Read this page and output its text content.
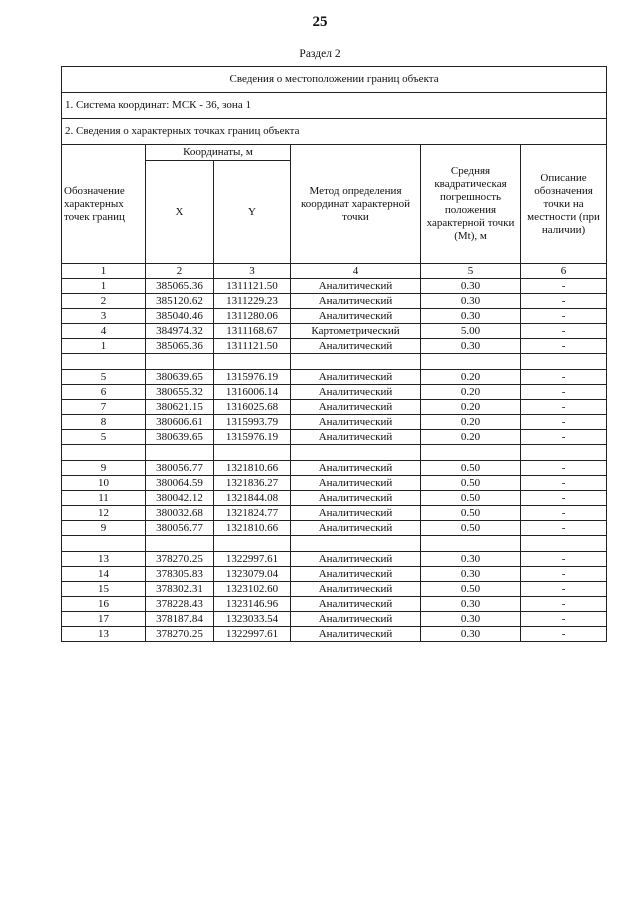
25
Раздел 2
Сведения о местоположении границ объекта					
1. Система координат: МСК - 36, зона 1					
2. Сведения о характерных точках границ объекта					
Обозначение характерных точек границ	Координаты, м		Метод определения координат характерной точки	Средняя квадратическая погрешность положения характерной точки (Mt), м	Описание обозначения точки на местности (при наличии)
	X	Y			
1	2	3	4	5	6
1	385065.36	1311121.50	Аналитический	0.30	-
2	385120.62	1311229.23	Аналитический	0.30	-
3	385040.46	1311280.06	Аналитический	0.30	-
4	384974.32	1311168.67	Картометрический	5.00	-
1	385065.36	1311121.50	Аналитический	0.30	-

5	380639.65	1315976.19	Аналитический	0.20	-
6	380655.32	1316006.14	Аналитический	0.20	-
7	380621.15	1316025.68	Аналитический	0.20	-
8	380606.61	1315993.79	Аналитический	0.20	-
5	380639.65	1315976.19	Аналитический	0.20	-

9	380056.77	1321810.66	Аналитический	0.50	-
10	380064.59	1321836.27	Аналитический	0.50	-
11	380042.12	1321844.08	Аналитический	0.50	-
12	380032.68	1321824.77	Аналитический	0.50	-
9	380056.77	1321810.66	Аналитический	0.50	-

13	378270.25	1322997.61	Аналитический	0.30	-
14	378305.83	1323079.04	Аналитический	0.30	-
15	378302.31	1323102.60	Аналитический	0.50	-
16	378228.43	1323146.96	Аналитический	0.30	-
17	378187.84	1323033.54	Аналитический	0.30	-
13	378270.25	1322997.61	Аналитический	0.30	-
